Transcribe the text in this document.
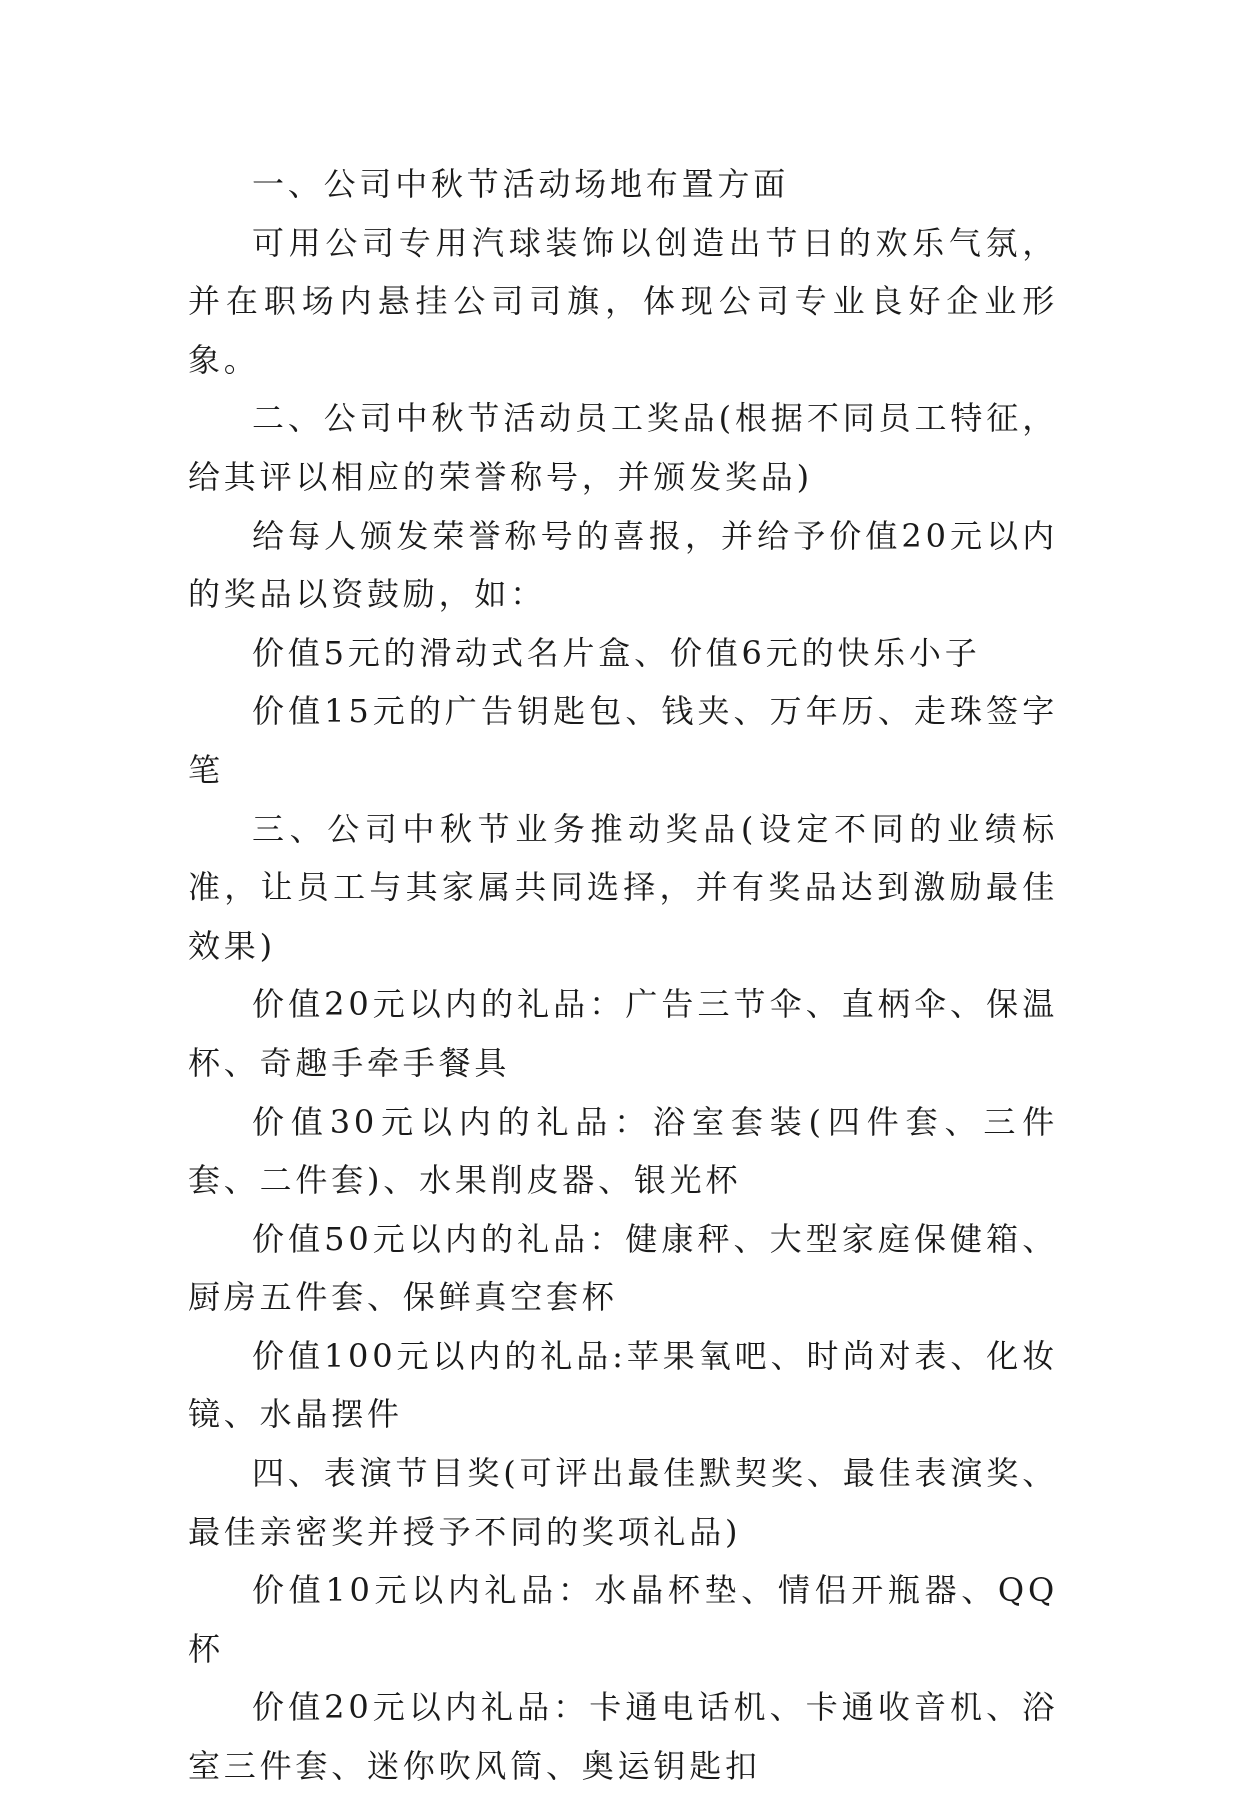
一、公司中秋节活动场地布置方面

可用公司专用汽球装饰以创造出节日的欢乐气氛，并在职场内悬挂公司司旗，体现公司专业良好企业形象。

二、公司中秋节活动员工奖品(根据不同员工特征，给其评以相应的荣誉称号，并颁发奖品)

给每人颁发荣誉称号的喜报，并给予价值20元以内的奖品以资鼓励，如：

价值5元的滑动式名片盒、价值6元的快乐小子

价值15元的广告钥匙包、钱夹、万年历、走珠签字笔

三、公司中秋节业务推动奖品(设定不同的业绩标准，让员工与其家属共同选择，并有奖品达到激励最佳效果)

价值20元以内的礼品：广告三节伞、直柄伞、保温杯、奇趣手牵手餐具

价值30元以内的礼品：浴室套装(四件套、三件套、二件套)、水果削皮器、银光杯

价值50元以内的礼品：健康秤、大型家庭保健箱、厨房五件套、保鲜真空套杯

价值100元以内的礼品:苹果氧吧、时尚对表、化妆镜、水晶摆件

四、表演节目奖(可评出最佳默契奖、最佳表演奖、最佳亲密奖并授予不同的奖项礼品)

价值10元以内礼品：水晶杯垫、情侣开瓶器、QQ杯

价值20元以内礼品：卡通电话机、卡通收音机、浴室三件套、迷你吹风筒、奥运钥匙扣
